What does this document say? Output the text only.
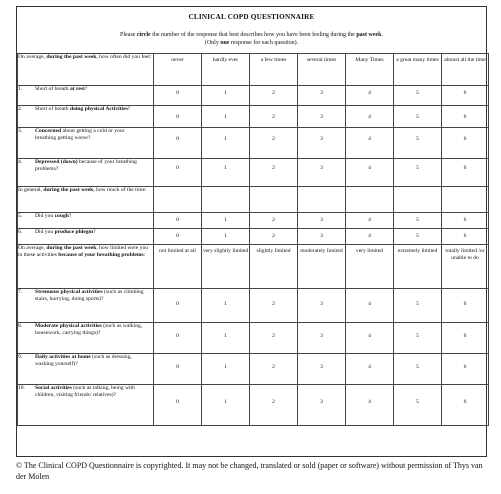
CLINICAL COPD QUESTIONNAIRE
Please circle the number of the response that best describes how you have been feeling during the past week.
(Only one response for each question).
On average, during the past week, how often did you feel:	never	hardly ever	a few times	several times	Many Times	a great many times	almost all the time

1. Short of breath at rest?	0	1	2	3	4	5	6

2. Short of breath doing physical Activities?	0	1	2	3	4	5	6

3. Concerned about getting a cold or your breathing getting worse?	0	1	2	3	4	5	6

4. Depressed (down) because of your breathing problems?	0	1	2	3	4	5	6

In general, during the past week, how much of the time:							
5. Did you cough?	0	1	2	3	4	5	6

6. Did you produce phlegm?	0	1	2	3	4	5	6

On average, during the past week, how limited were you in these activities because of your breathing problems:	not limited at all	very slightly limited	slightly limited	moderately limited	very limited	extremely limited	totally limited /or unable to do

7. Strenuous physical activities (such as climbing stairs, hurrying, doing sports)?	0	1	2	3	4	5	6

8. Moderate physical activities (such as walking, housework, carrying things)?	0	1	2	3	4	5	6

9. Daily activities at home (such as dressing, washing yourself)?	0	1	2	3	4	5	6

10. Social activities (such as talking, being with children, visiting friends/ relatives)?	0	1	2	3	4	5	6
© The Clinical COPD Questionnaire is copyrighted. It may not be changed, translated or sold (paper or software) without permission of Thys van der Molen
